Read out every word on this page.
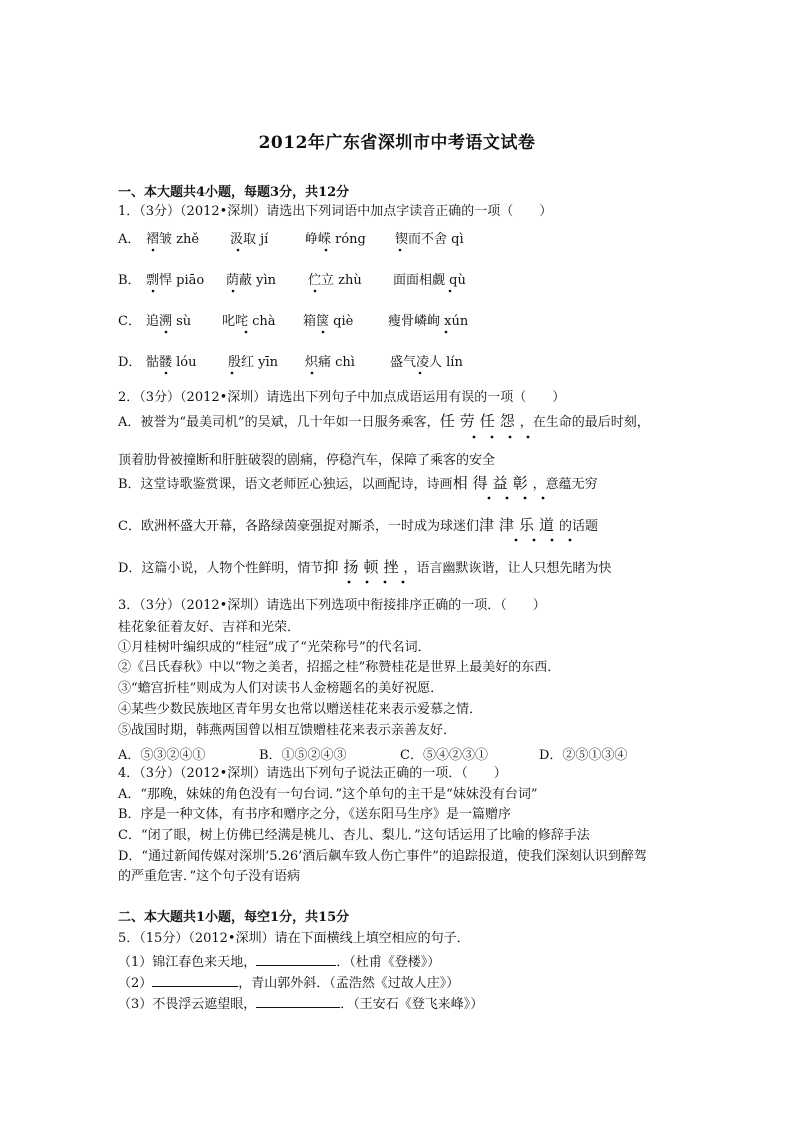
2012年广东省深圳市中考语文试卷
一、本大题共4小题，每题3分，共12分
1．（3分）（2012•深圳）请选出下列词语中加点字读音正确的一项（　　）
A． 褶皱 zhě 汲取 jí	峥嵘 róng 锲而不舍 qì
B． 剽悍 piāo 荫蔽 yìn 伫立 zhù 面面相觑 qù
C． 追溯 sù 叱咤 chà 箱箧 qiè	瘦骨嶙峋 xún
D． 骷髅 lóu 殷红 yīn 炽痛 chì	盛气凌人 lín
2．（3分）（2012•深圳）请选出下列句子中加点成语运用有误的一项（　　）
A．被誉为“最美司机”的吴斌，几十年如一日服务乘客，任劳任怨，在生命的最后时刻，
顶着肋骨被撞断和肝脏破裂的剧痛，停稳汽车，保障了乘客的安全
B．这堂诗歌鉴赏课，语文老师匠心独运，以画配诗，诗画相得益彰，意蕴无穷
C．欧洲杯盛大开幕，各路绿茵豪强捉对厮杀，一时成为球迷们津津乐道的话题
D．这篇小说，人物个性鲜明，情节抑扬顿挫，语言幽默诙谐，让人只想先睹为快
3．（3分）（2012•深圳）请选出下列选项中衔接排序正确的一项．（　　）
桂花象征着友好、吉祥和光荣．
①月桂树叶编织成的“桂冠”成了“光荣称号”的代名词．
②《吕氏春秋》中以“物之美者，招摇之桂”称赞桂花是世界上最美好的东西．
③“蟾宫折桂”则成为人们对读书人金榜题名的美好祝愿．
④某些少数民族地区青年男女也常以赠送桂花来表示爱慕之情．
⑤战国时期，韩燕两国曾以相互馈赠桂花来表示亲善友好．
A．⑤③②④①	B．①⑤②④③	C．⑤④②③①	D．②⑤①③④
4．（3分）（2012•深圳）请选出下列句子说法正确的一项．（　　）
A．“那晚，妹妹的角色没有一句台词．”这个单句的主干是“妹妹没有台词”
B．序是一种文体，有书序和赠序之分，《送东阳马生序》是一篇赠序
C．“闭了眼，树上仿佛已经满是桃儿、杏儿、梨儿．”这句话运用了比喻的修辞手法
D．“通过新闻传媒对深圳‘5.26’酒后飙车致人伤亡事件”的追踪报道，使我们深刻认识到醉驾
的严重危害．”这个句子没有语病
二、本大题共1小题，每空1分，共15分
5．（15分）（2012•深圳）请在下面横线上填空相应的句子．
（1）锦江春色来天地，	．（杜甫《登楼》）
（2）	，青山郭外斜．（孟浩然《过故人庄》）
（3）不畏浮云遮望眼，	．（王安石《登飞来峰》）
